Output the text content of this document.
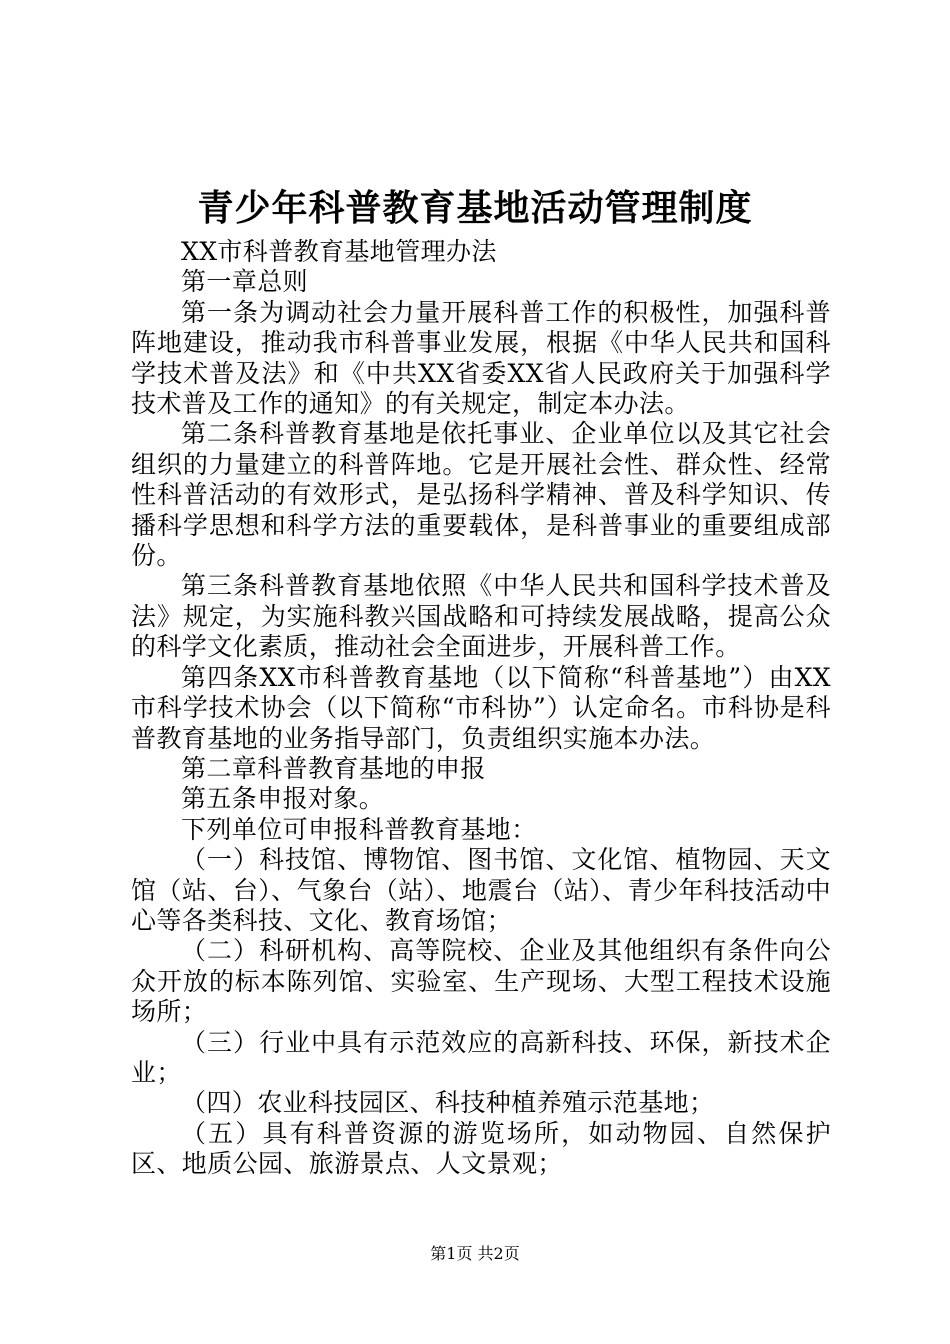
青少年科普教育基地活动管理制度

XX市科普教育基地管理办法

第一章总则

第一条为调动社会力量开展科普工作的积极性，加强科普阵地建设，推动我市科普事业发展，根据《中华人民共和国科学技术普及法》和《中共XX省委XX省人民政府关于加强科学技术普及工作的通知》的有关规定，制定本办法。

第二条科普教育基地是依托事业、企业单位以及其它社会组织的力量建立的科普阵地。它是开展社会性、群众性、经常性科普活动的有效形式，是弘扬科学精神、普及科学知识、传播科学思想和科学方法的重要载体，是科普事业的重要组成部份。

第三条科普教育基地依照《中华人民共和国科学技术普及法》规定，为实施科教兴国战略和可持续发展战略，提高公众的科学文化素质，推动社会全面进步，开展科普工作。

第四条XX市科普教育基地（以下简称“科普基地”）由XX市科学技术协会（以下简称“市科协”）认定命名。市科协是科普教育基地的业务指导部门，负责组织实施本办法。

第二章科普教育基地的申报

第五条申报对象。

下列单位可申报科普教育基地：

（一）科技馆、博物馆、图书馆、文化馆、植物园、天文馆（站、台）、气象台（站）、地震台（站）、青少年科技活动中心等各类科技、文化、教育场馆；

（二）科研机构、高等院校、企业及其他组织有条件向公众开放的标本陈列馆、实验室、生产现场、大型工程技术设施场所；

（三）行业中具有示范效应的高新科技、环保，新技术企业；

（四）农业科技园区、科技种植养殖示范基地；

（五）具有科普资源的游览场所，如动物园、自然保护区、地质公园、旅游景点、人文景观；

第1页 共2页
